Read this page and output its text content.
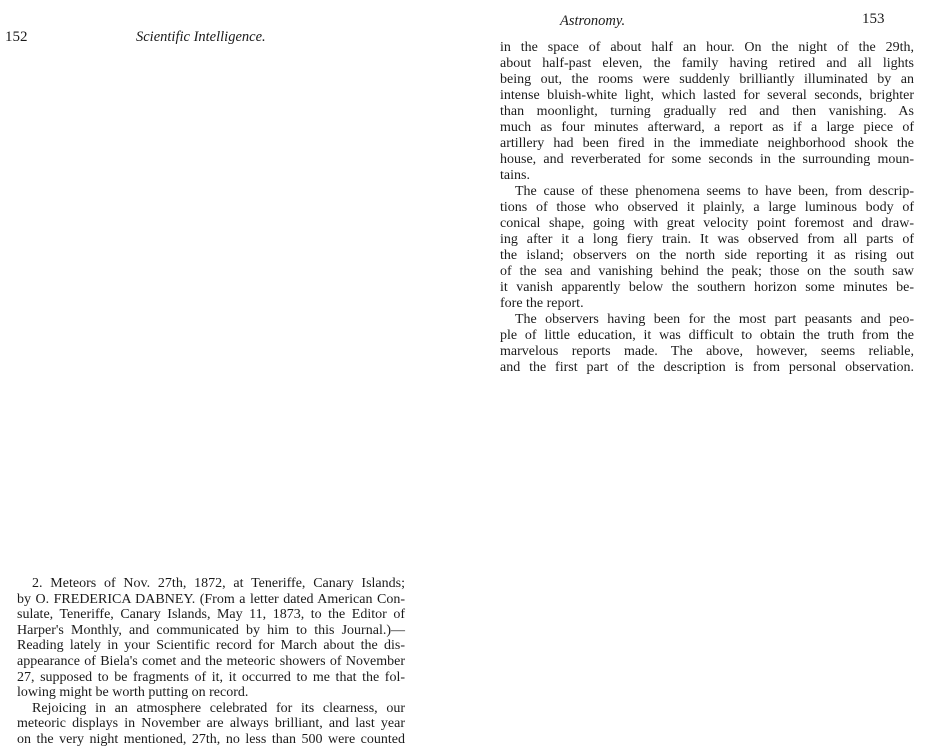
152	Scientific Intelligence.
2. Meteors of Nov. 27th, 1872, at Teneriffe, Canary Islands;
by O. FREDERICA DABNEY. (From a letter dated American Con-
sulate, Teneriffe, Canary Islands, May 11, 1873, to the Editor of
Harper's Monthly, and communicated by him to this Journal.)—
Reading lately in your Scientific record for March about the dis-
appearance of Biela's comet and the meteoric showers of November
27, supposed to be fragments of it, it occurred to me that the fol-
lowing might be worth putting on record.
Rejoicing in an atmosphere celebrated for its clearness, our
meteoric displays in November are always brilliant, and last year
on the very night mentioned, 27th, no less than 500 were counted
Astronomy.	153
in the space of about half an hour. On the night of the 29th,
about half-past eleven, the family having retired and all lights
being out, the rooms were suddenly brilliantly illuminated by an
intense bluish-white light, which lasted for several seconds, brighter
than moonlight, turning gradually red and then vanishing. As
much as four minutes afterward, a report as if a large piece of
artillery had been fired in the immediate neighborhood shook the
house, and reverberated for some seconds in the surrounding moun-
tains.
The cause of these phenomena seems to have been, from descrip-
tions of those who observed it plainly, a large luminous body of
conical shape, going with great velocity point foremost and draw-
ing after it a long fiery train. It was observed from all parts of
the island; observers on the north side reporting it as rising out
of the sea and vanishing behind the peak; those on the south saw
it vanish apparently below the southern horizon some minutes be-
fore the report.
The observers having been for the most part peasants and peo-
ple of little education, it was difficult to obtain the truth from the
marvelous reports made. The above, however, seems reliable,
and the first part of the description is from personal observation.
